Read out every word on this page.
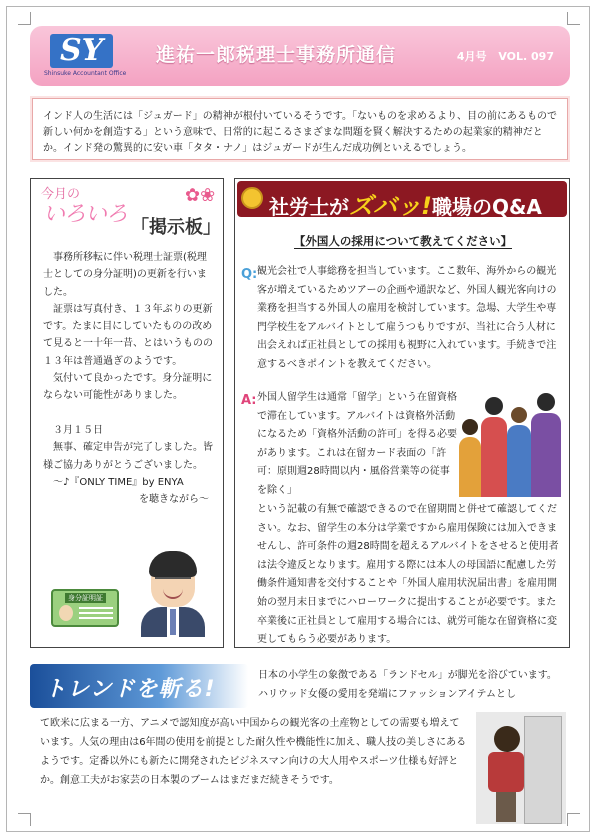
SY
Shinsuke Accountant Office
進祐一郎税理士事務所通信	4月号 VOL. 097
インド人の生活には「ジュガード」の精神が根付いているそうです。「ないものを求めるより、目の前にあるもので新しい何かを創造する」という意味で、日常的に起こるさまざまな問題を賢く解決するための起業家的精神だとか。インド発の驚異的に安い車「タタ・ナノ」はジュガードが生んだ成功例といえるでしょう。
今月の
いろいろ
「掲示板」
✿❀

事務所移転に伴い税理士証票(税理士としての身分証明)の更新を行いました。

証票は写真付き、１３年ぶりの更新です。たまに目にしていたものの改めて見ると一十年一昔、とはいうものの１３年は普通過ぎのようです。

気付いて良かったです。身分証明にならない可能性がありました。

３月１５日

無事、確定申告が完了しました。皆様ご協力ありがとうございました。

～♪『ONLY TIME』by ENYA

を聴きながら～

身分証明証
社労士がズバッ!職場のQ&A
【外国人の採用について教えてください】
Q: 観光会社で人事総務を担当しています。ここ数年、海外からの観光客が増えているためツアーの企画や通訳など、外国人観光客向けの業務を担当する外国人の雇用を検討しています。急場、大学生や専門学校生をアルバイトとして雇うつもりですが、当社に合う人材に出会えれば正社員としての採用も視野に入れています。手続きで注意するべきポイントを教えてください。
A: 外国人留学生は通常「留学」という在留資格で滞在しています。アルバイトは資格外活動になるため「資格外活動の許可」を得る必要があります。これは在留カード表面の「許可：原則週28時間以内・風俗営業等の従事を除く」
という記載の有無で確認できるので在留期間と併せて確認してください。なお、留学生の本分は学業ですから雇用保険には加入できませんし、許可条件の週28時間を超えるアルバイトをさせると使用者は法令違反となります。雇用する際には本人の母国語に配慮した労働条件通知書を交付することや「外国人雇用状況届出書」を雇用開始の翌月末日までにハローワークに提出することが必要です。また卒業後に正社員として雇用する場合には、就労可能な在留資格に変更してもらう必要があります。
トレンドを斬る!
日本の小学生の象徴である「ランドセル」が脚光を浴びています。ハリウッド女優の愛用を発端にファッションアイテムとし
て欧米に広まる一方、アニメで認知度が高い中国からの観光客の土産物としての需要も増えています。人気の理由は6年間の使用を前提とした耐久性や機能性に加え、職人技の美しさにあるようです。定番以外にも新たに開発されたビジネスマン向けの大人用やスポーツ仕様も好評とか。創意工夫がお家芸の日本製のブームはまだまだ続きそうです。
